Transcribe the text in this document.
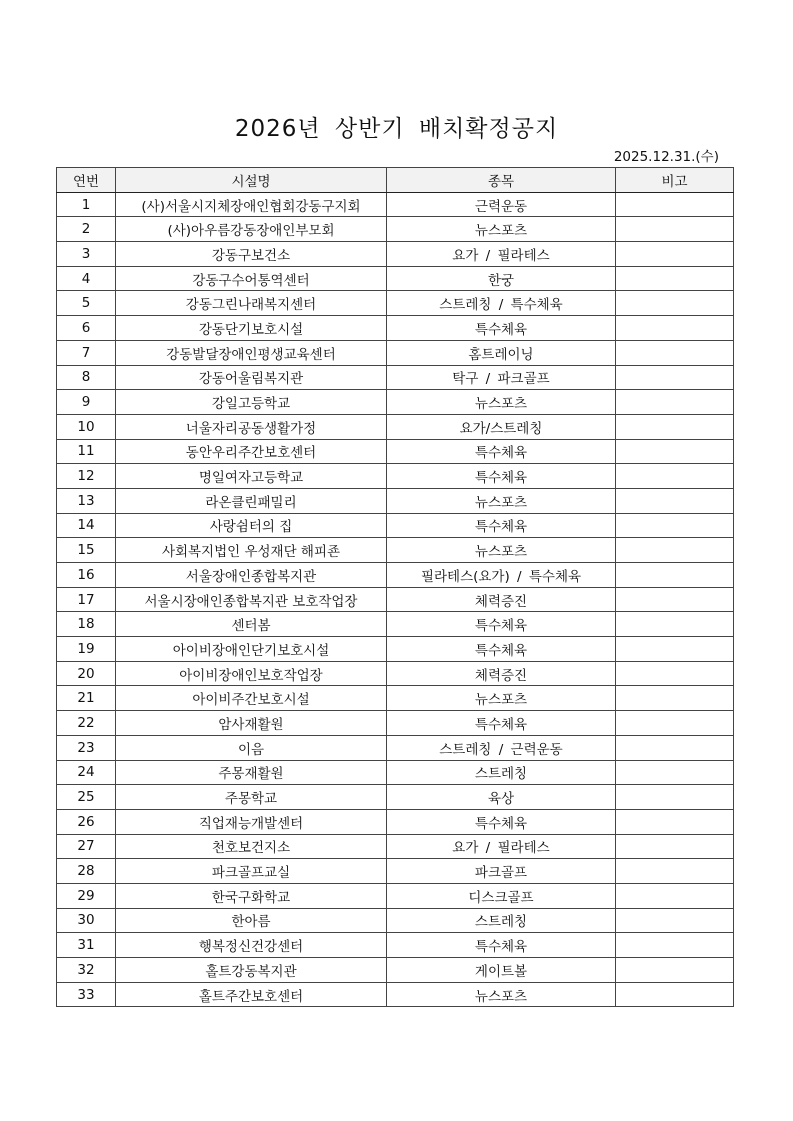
2026년 상반기 배치확정공지
2025.12.31.(수)
연번	시설명	종목	비고
1	(사)서울시지체장애인협회강동구지회	근력운동	
2	(사)아우름강동장애인부모회	뉴스포츠	
3	강동구보건소	요가 / 필라테스	
4	강동구수어통역센터	한궁	
5	강동그린나래복지센터	스트레칭 / 특수체육	
6	강동단기보호시설	특수체육	
7	강동발달장애인평생교육센터	홈트레이닝	
8	강동어울림복지관	탁구 / 파크골프	
9	강일고등학교	뉴스포츠	
10	너울자리공동생활가정	요가/스트레칭	
11	동안우리주간보호센터	특수체육	
12	명일여자고등학교	특수체육	
13	라온클린패밀리	뉴스포츠	
14	사랑쉼터의 집	특수체육	
15	사회복지법인 우성재단 해피죤	뉴스포츠	
16	서울장애인종합복지관	필라테스(요가) / 특수체육	
17	서울시장애인종합복지관 보호작업장	체력증진	
18	센터봄	특수체육	
19	아이비장애인단기보호시설	특수체육	
20	아이비장애인보호작업장	체력증진	
21	아이비주간보호시설	뉴스포츠	
22	암사재활원	특수체육	
23	이음	스트레칭 / 근력운동	
24	주몽재활원	스트레칭	
25	주몽학교	육상	
26	직업재능개발센터	특수체육	
27	천호보건지소	요가 / 필라테스	
28	파크골프교실	파크골프	
29	한국구화학교	디스크골프	
30	한아름	스트레칭	
31	행복정신건강센터	특수체육	
32	홀트강동복지관	게이트볼	
33	홀트주간보호센터	뉴스포츠	
